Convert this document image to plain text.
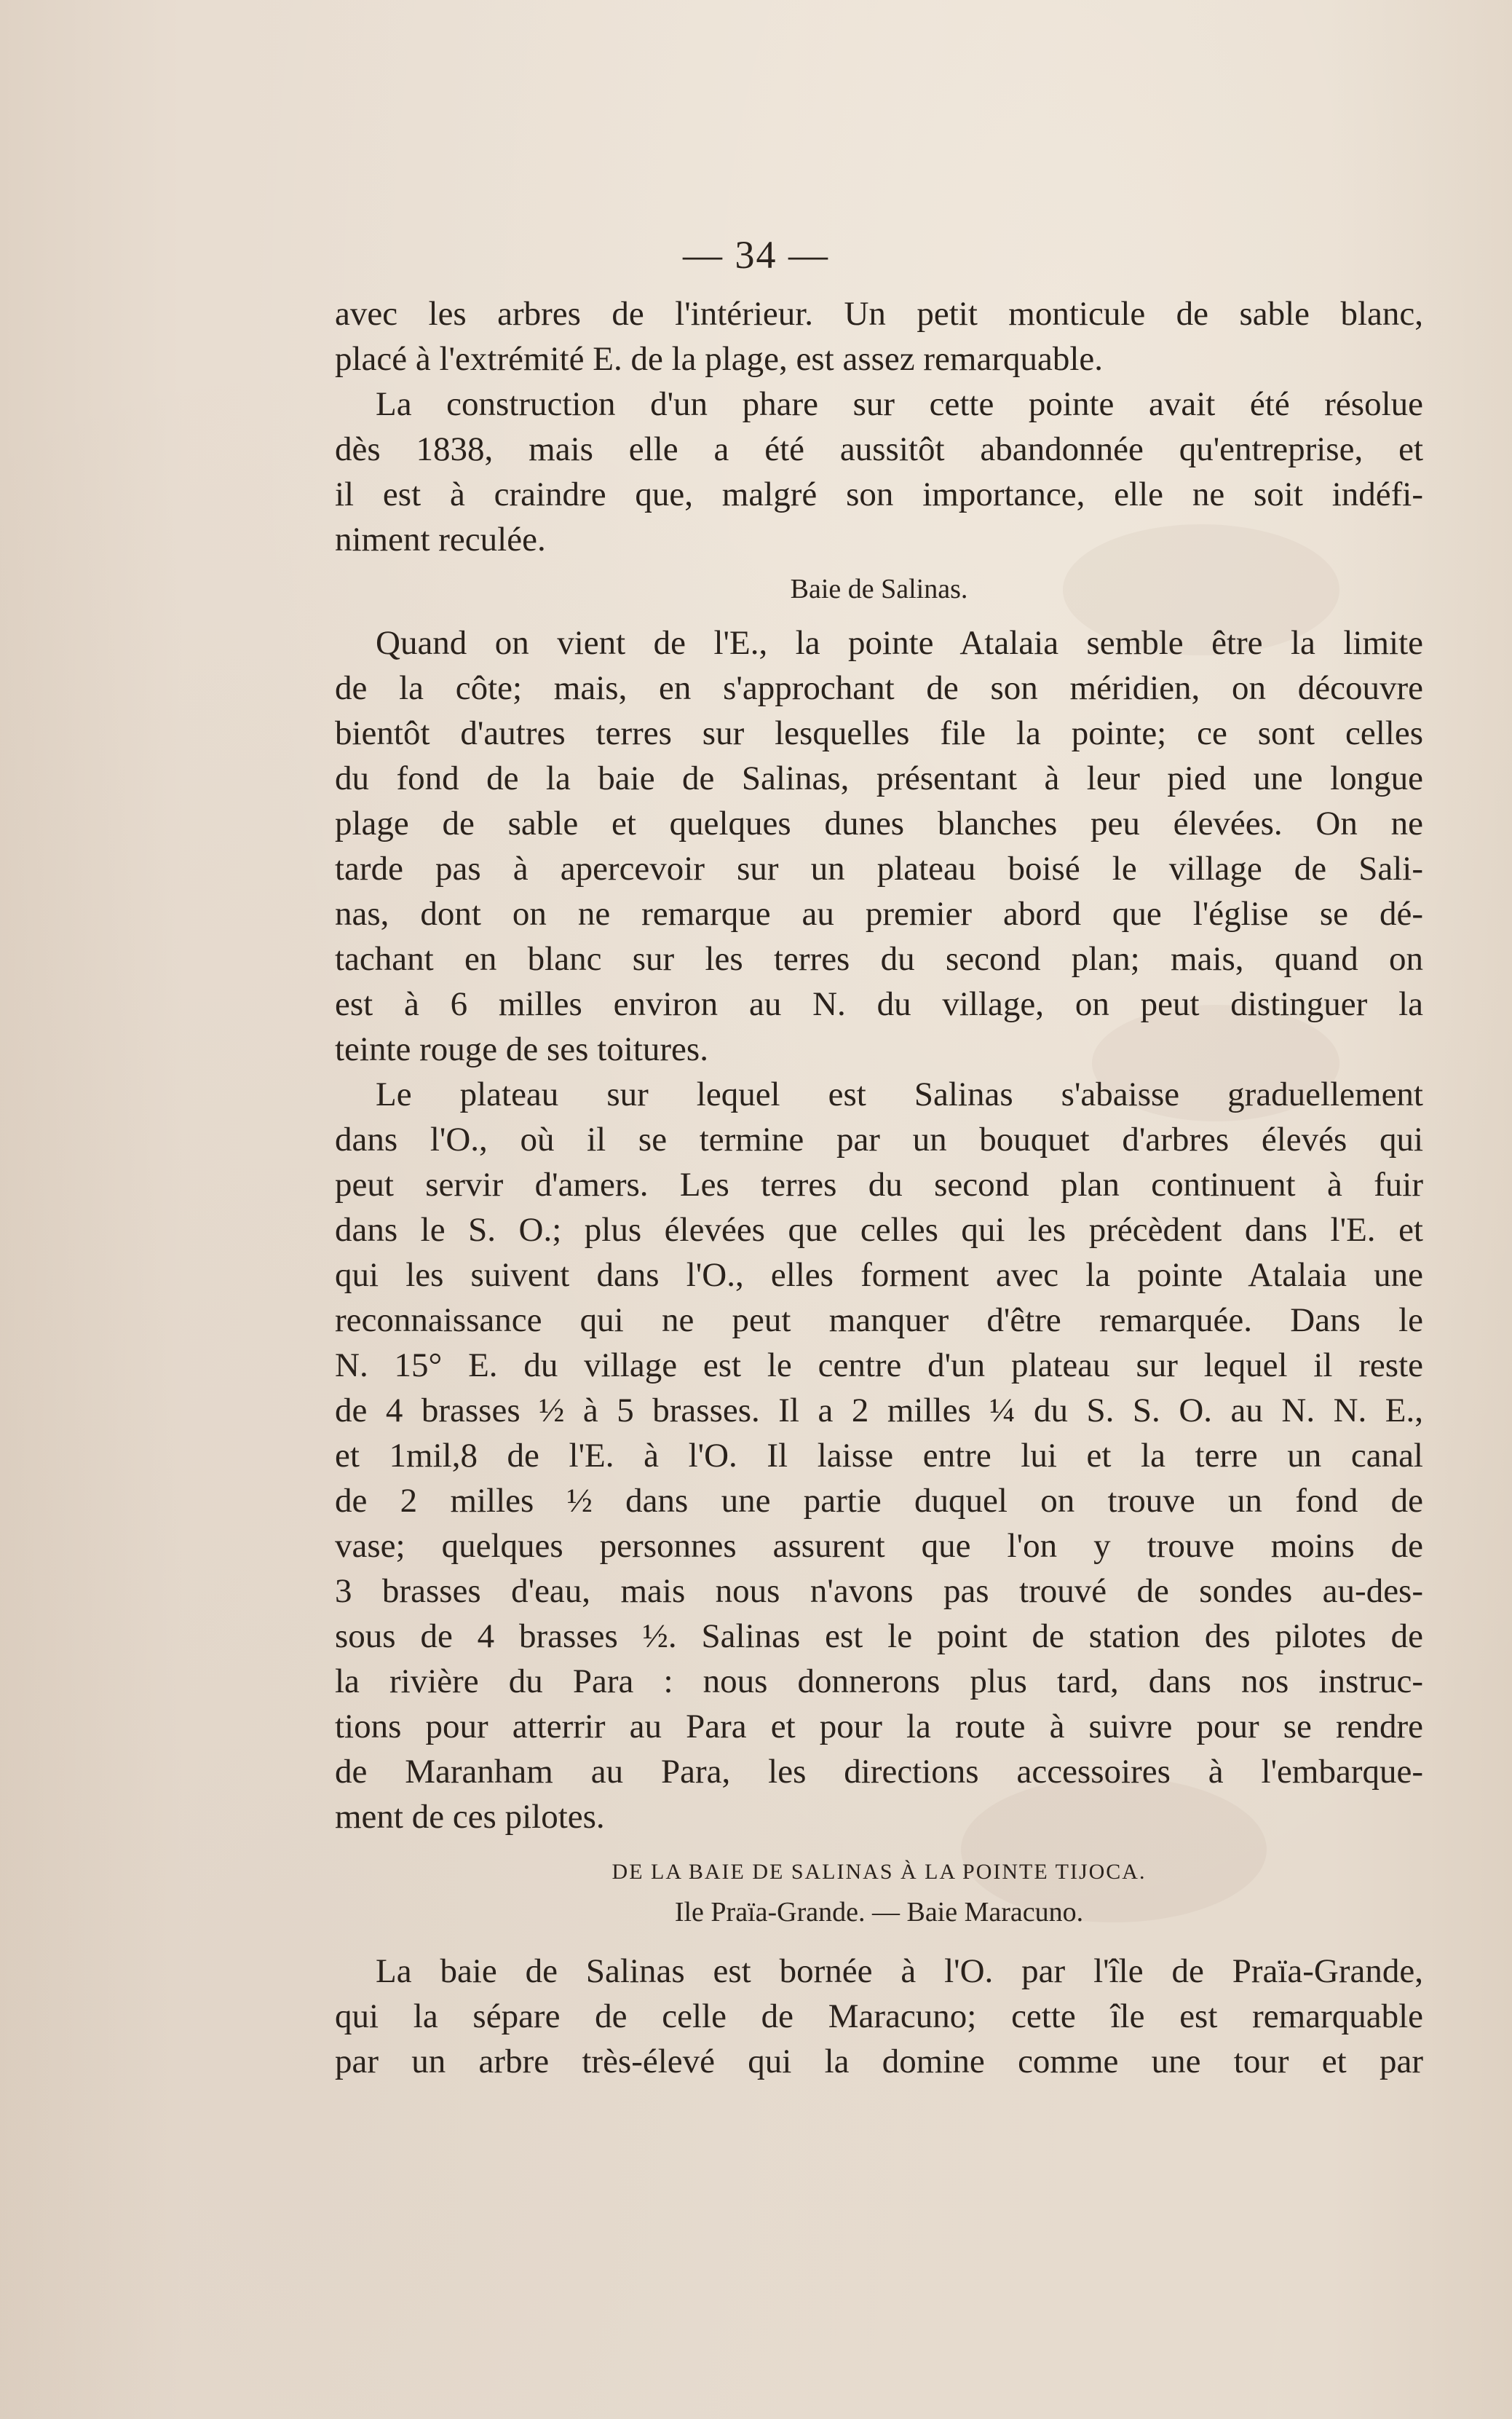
— 34 —
avec les arbres de l'intérieur. Un petit monticule de sable blanc,
placé à l'extrémité E. de la plage, est assez remarquable.
La construction d'un phare sur cette pointe avait été résolue
dès 1838, mais elle a été aussitôt abandonnée qu'entreprise, et
il est à craindre que, malgré son importance, elle ne soit indéfi-
niment reculée.
Baie de Salinas.
Quand on vient de l'E., la pointe Atalaia semble être la limite
de la côte; mais, en s'approchant de son méridien, on découvre
bientôt d'autres terres sur lesquelles file la pointe; ce sont celles
du fond de la baie de Salinas, présentant à leur pied une longue
plage de sable et quelques dunes blanches peu élevées. On ne
tarde pas à apercevoir sur un plateau boisé le village de Sali-
nas, dont on ne remarque au premier abord que l'église se dé-
tachant en blanc sur les terres du second plan; mais, quand on
est à 6 milles environ au N. du village, on peut distinguer la
teinte rouge de ses toitures.
Le plateau sur lequel est Salinas s'abaisse graduellement
dans l'O., où il se termine par un bouquet d'arbres élevés qui
peut servir d'amers. Les terres du second plan continuent à fuir
dans le S. O.; plus élevées que celles qui les précèdent dans l'E. et
qui les suivent dans l'O., elles forment avec la pointe Atalaia une
reconnaissance qui ne peut manquer d'être remarquée. Dans le
N. 15° E. du village est le centre d'un plateau sur lequel il reste
de 4 brasses ½ à 5 brasses. Il a 2 milles ¼ du S. S. O. au N. N. E.,
et 1mil,8 de l'E. à l'O. Il laisse entre lui et la terre un canal
de 2 milles ½ dans une partie duquel on trouve un fond de
vase; quelques personnes assurent que l'on y trouve moins de
3 brasses d'eau, mais nous n'avons pas trouvé de sondes au-des-
sous de 4 brasses ½. Salinas est le point de station des pilotes de
la rivière du Para : nous donnerons plus tard, dans nos instruc-
tions pour atterrir au Para et pour la route à suivre pour se rendre
de Maranham au Para, les directions accessoires à l'embarque-
ment de ces pilotes.
DE LA BAIE DE SALINAS À LA POINTE TIJOCA.
Ile Praïa-Grande. — Baie Maracuno.
La baie de Salinas est bornée à l'O. par l'île de Praïa-Grande,
qui la sépare de celle de Maracuno; cette île est remarquable
par un arbre très-élevé qui la domine comme une tour et par
